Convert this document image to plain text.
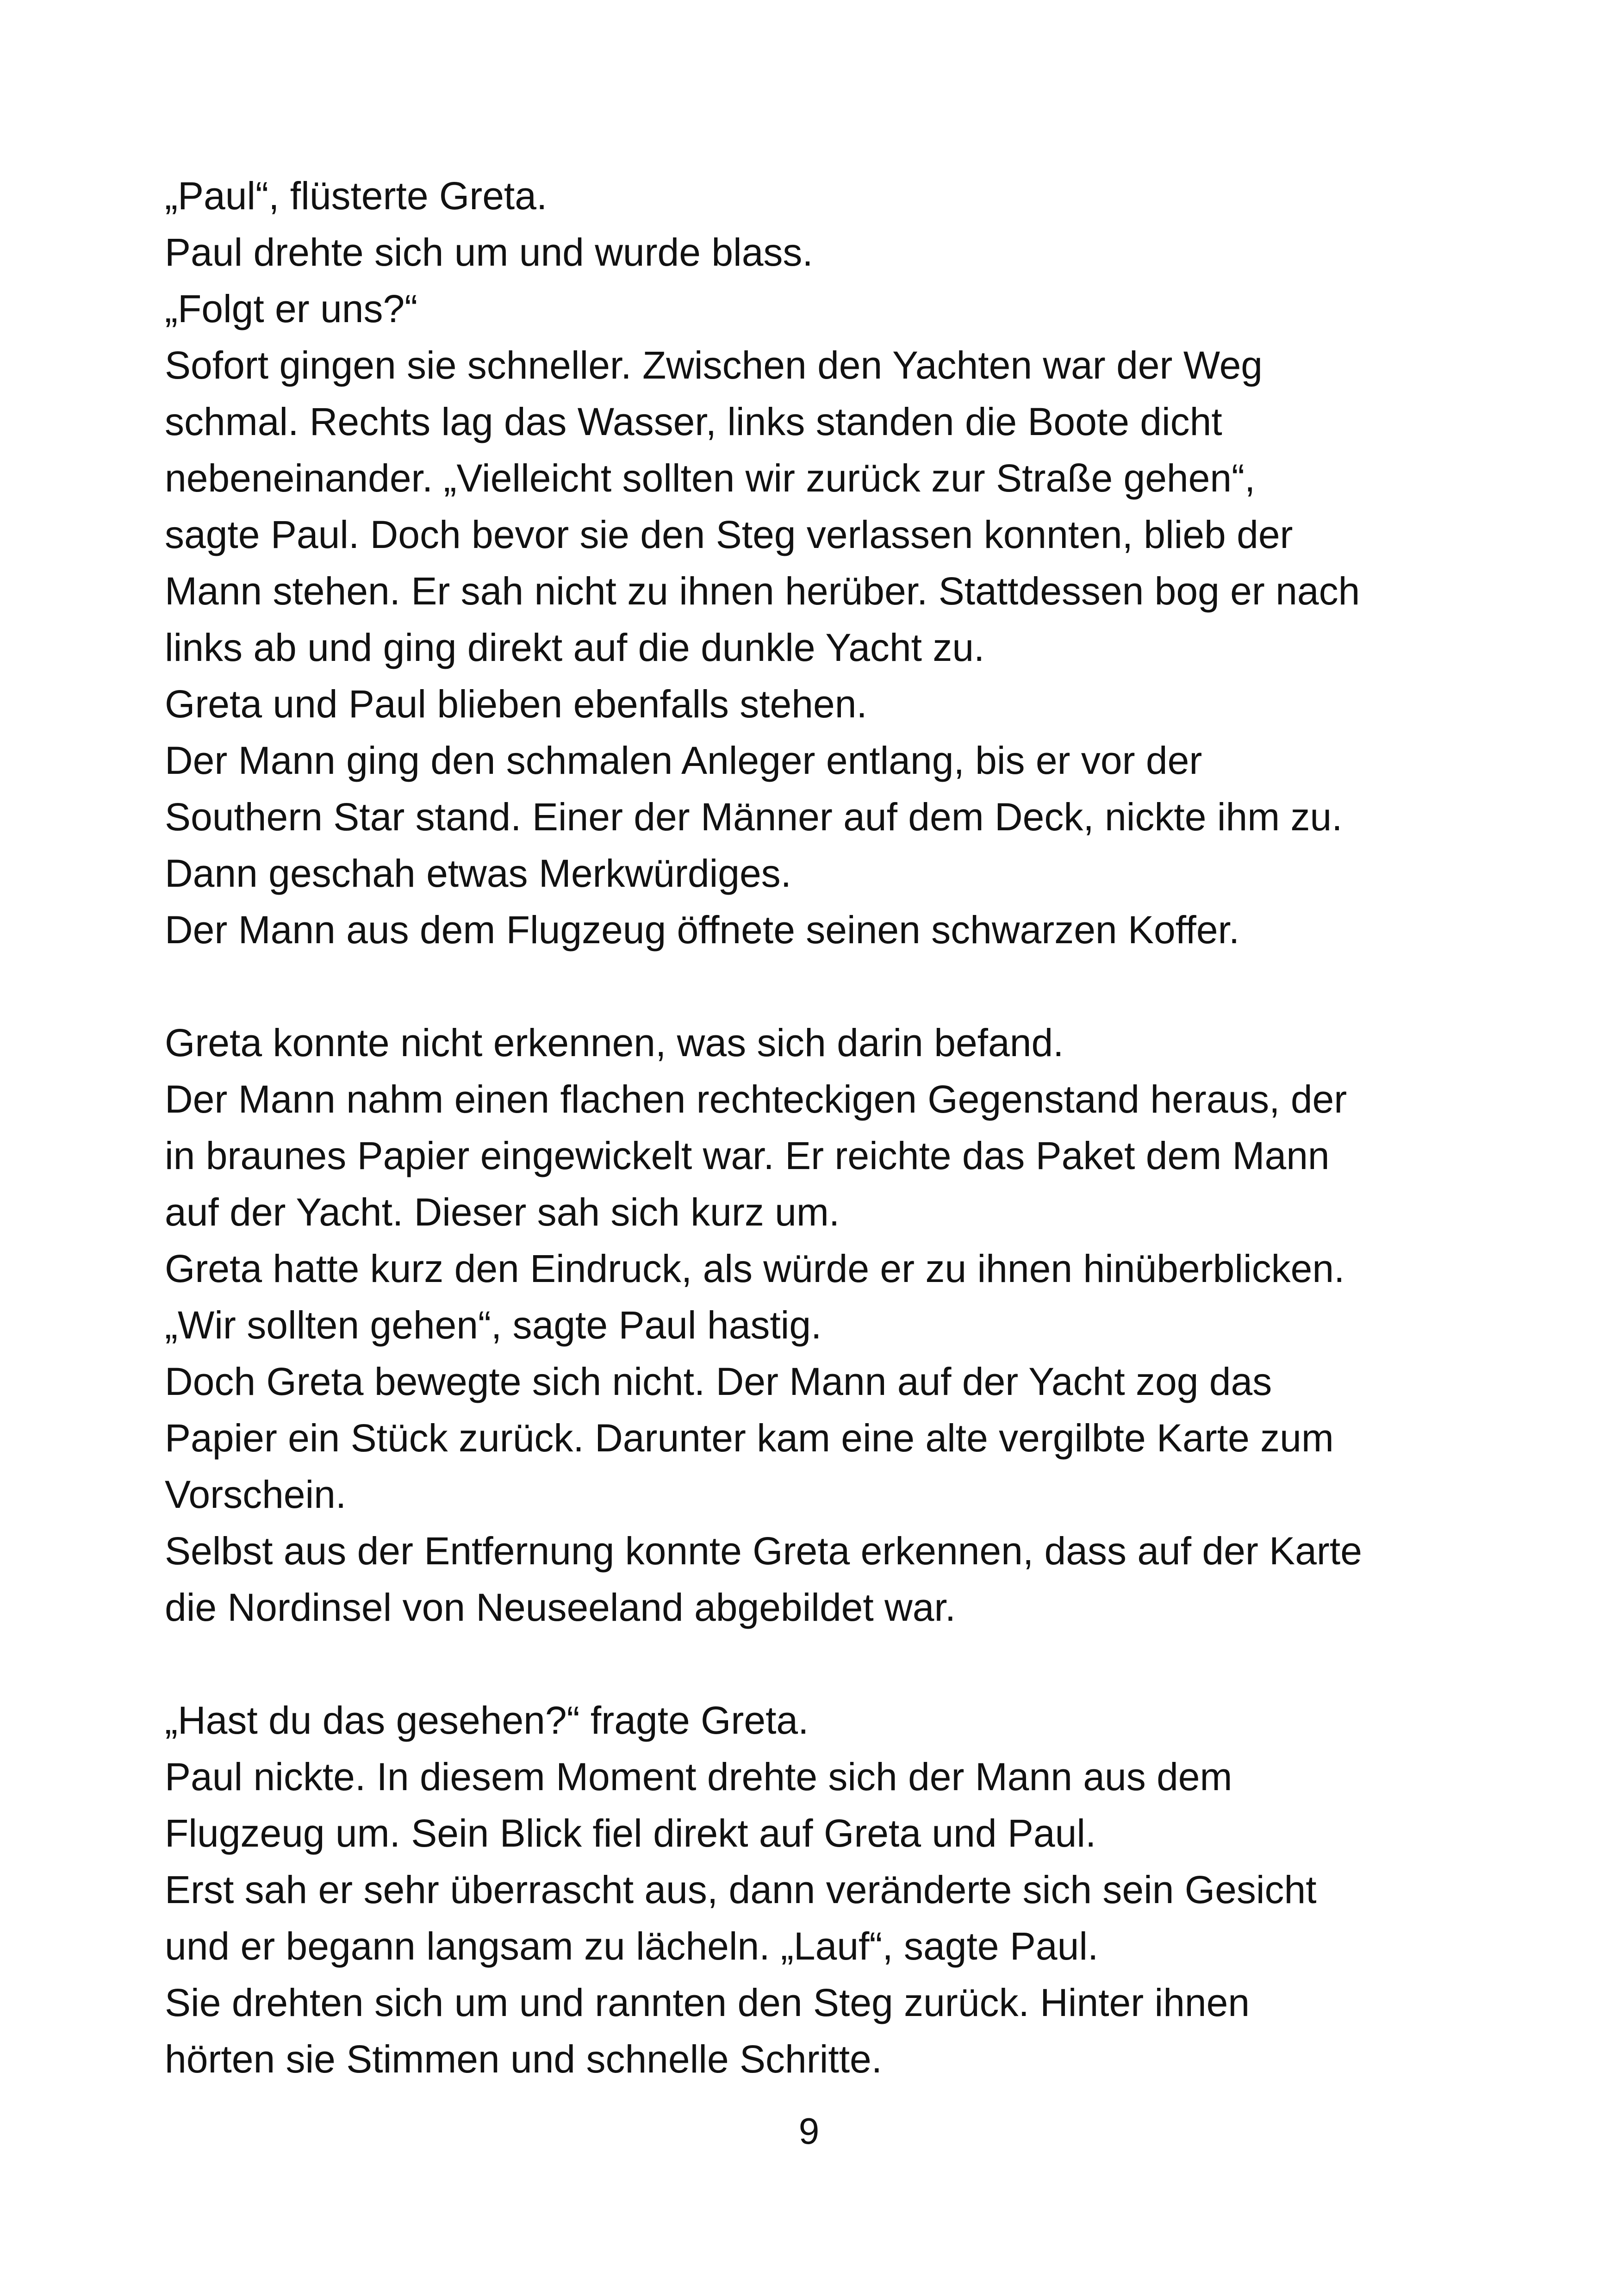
„Paul“, flüsterte Greta.
Paul drehte sich um und wurde blass.
„Folgt er uns?“
Sofort gingen sie schneller. Zwischen den Yachten war der Weg
schmal. Rechts lag das Wasser, links standen die Boote dicht
nebeneinander. „Vielleicht sollten wir zurück zur Straße gehen“,
sagte Paul. Doch bevor sie den Steg verlassen konnten, blieb der
Mann stehen. Er sah nicht zu ihnen herüber. Stattdessen bog er nach
links ab und ging direkt auf die dunkle Yacht zu.
Greta und Paul blieben ebenfalls stehen.
Der Mann ging den schmalen Anleger entlang, bis er vor der
Southern Star stand. Einer der Männer auf dem Deck, nickte ihm zu.
Dann geschah etwas Merkwürdiges.
Der Mann aus dem Flugzeug öffnete seinen schwarzen Koffer.
Greta konnte nicht erkennen, was sich darin befand.
Der Mann nahm einen flachen rechteckigen Gegenstand heraus, der
in braunes Papier eingewickelt war. Er reichte das Paket dem Mann
auf der Yacht. Dieser sah sich kurz um.
Greta hatte kurz den Eindruck, als würde er zu ihnen hinüberblicken.
„Wir sollten gehen“, sagte Paul hastig.
Doch Greta bewegte sich nicht. Der Mann auf der Yacht zog das
Papier ein Stück zurück. Darunter kam eine alte vergilbte Karte zum
Vorschein.
Selbst aus der Entfernung konnte Greta erkennen, dass auf der Karte
die Nordinsel von Neuseeland abgebildet war.
„Hast du das gesehen?“ fragte Greta.
Paul nickte. In diesem Moment drehte sich der Mann aus dem
Flugzeug um. Sein Blick fiel direkt auf Greta und Paul.
Erst sah er sehr überrascht aus, dann veränderte sich sein Gesicht
und er begann langsam zu lächeln. „Lauf“, sagte Paul.
Sie drehten sich um und rannten den Steg zurück. Hinter ihnen
hörten sie Stimmen und schnelle Schritte.
9
